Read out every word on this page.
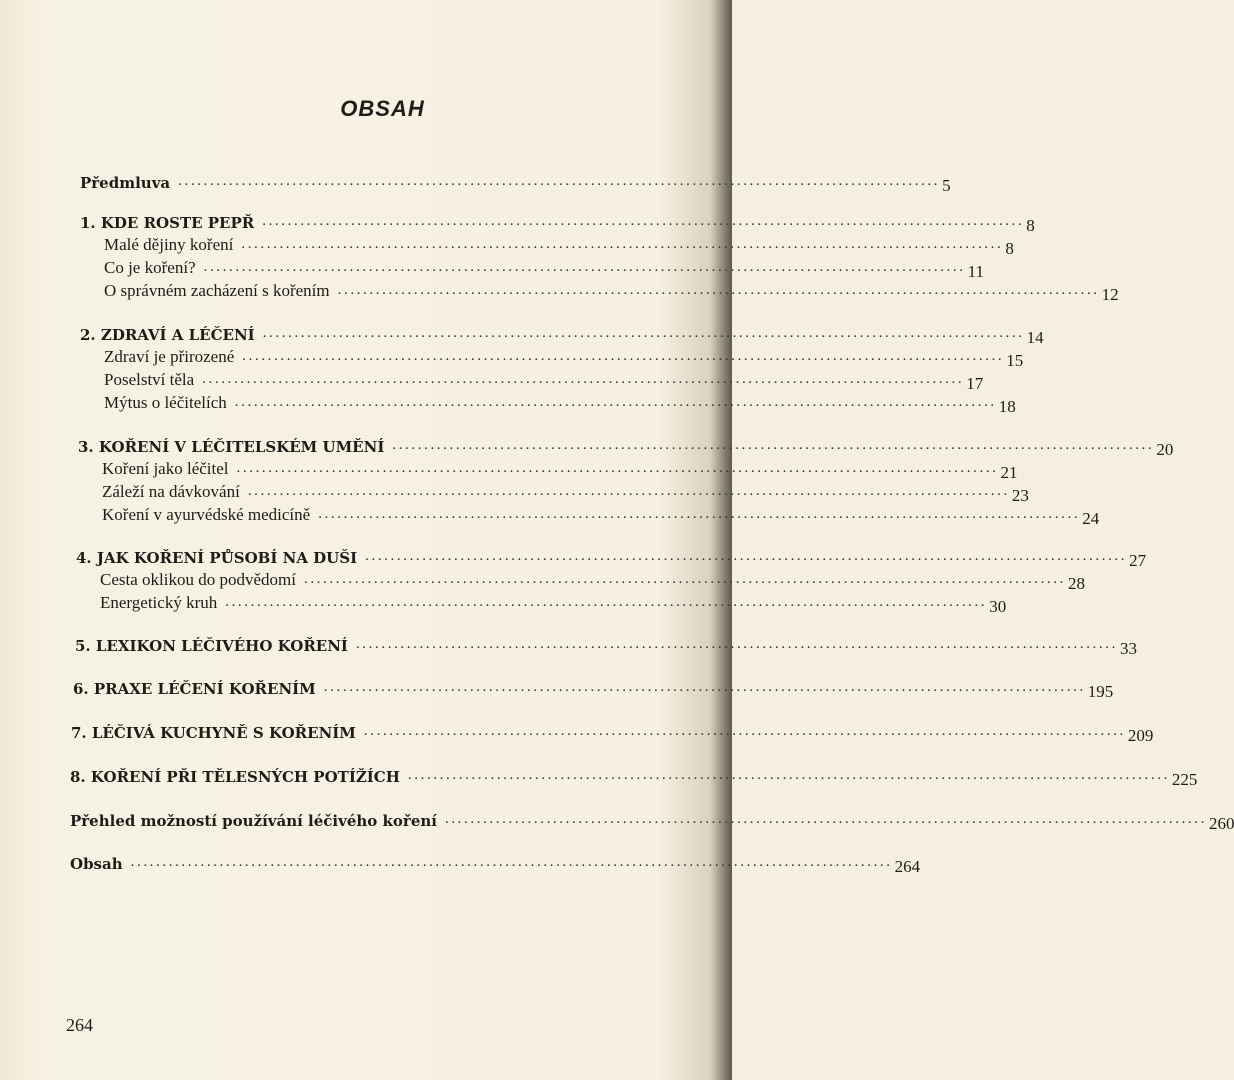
OBSAH
Předmluva ........................................................................................................................ 5
1. KDE ROSTE PEPŘ ........................................................................................................................ 8
Malé dějiny koření ........................................................................................................................ 8
Co je koření? ........................................................................................................................ 11
O správném zacházení s kořením ........................................................................................................................ 12
2. ZDRAVÍ A LÉČENÍ ........................................................................................................................ 14
Zdraví je přirozené ........................................................................................................................ 15
Poselství těla ........................................................................................................................ 17
Mýtus o léčitelích ........................................................................................................................ 18
3. KOŘENÍ V LÉČITELSKÉM UMĚNÍ ........................................................................................................................ 20
Koření jako léčitel ........................................................................................................................ 21
Záleží na dávkování ........................................................................................................................ 23
Koření v ayurvédské medicíně ........................................................................................................................ 24
4. JAK KOŘENÍ PŮSOBÍ NA DUŠI ........................................................................................................................ 27
Cesta oklikou do podvědomí ........................................................................................................................ 28
Energetický kruh ........................................................................................................................ 30
5. LEXIKON LÉČIVÉHO KOŘENÍ ........................................................................................................................ 33
6. PRAXE LÉČENÍ KOŘENÍM ........................................................................................................................ 195
7. LÉČIVÁ KUCHYNĚ S KOŘENÍM ........................................................................................................................ 209
8. KOŘENÍ PŘI TĚLESNÝCH POTÍŽÍCH ........................................................................................................................ 225
Přehled možností používání léčivého koření ........................................................................................................................ 260
Obsah ........................................................................................................................ 264
264
